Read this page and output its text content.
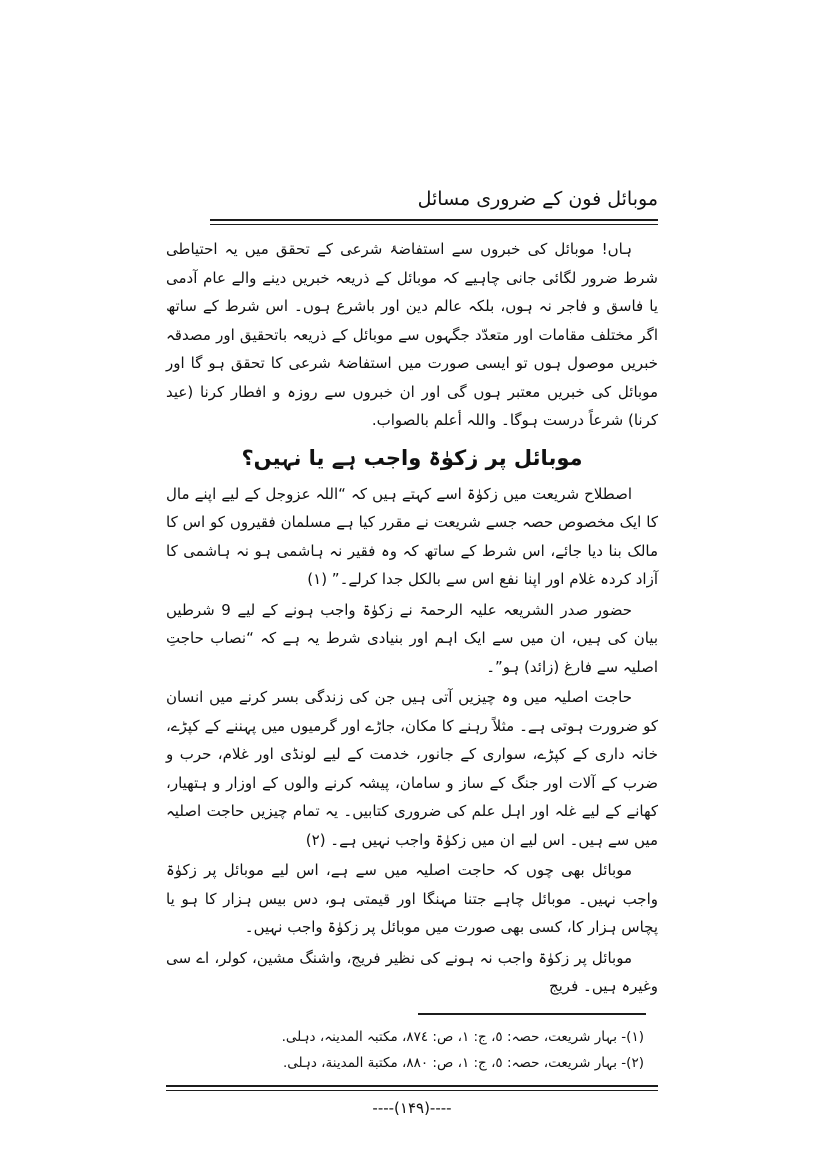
موبائل فون کے ضروری مسائل

ہاں! موبائل کی خبروں سے استفاضۂ شرعی کے تحقق میں یہ احتیاطی شرط ضرور لگائی جانی چاہیے کہ موبائل کے ذریعہ خبریں دینے والے عام آدمی یا فاسق و فاجر نہ ہوں، بلکہ عالم دین اور باشرع ہوں۔ اس شرط کے ساتھ اگر مختلف مقامات اور متعدّد جگہوں سے موبائل کے ذریعہ باتحقیق اور مصدقہ خبریں موصول ہوں تو ایسی صورت میں استفاضۂ شرعی کا تحقق ہو گا اور موبائل کی خبریں معتبر ہوں گی اور ان خبروں سے روزہ و افطار کرنا (عید کرنا) شرعاً درست ہوگا۔ واللہ أعلم بالصواب.

موبائل پر زکوٰۃ واجب ہے یا نہیں؟

اصطلاح شریعت میں زکوٰۃ اسے کہتے ہیں کہ “اللہ عزوجل کے لیے اپنے مال کا ایک مخصوص حصہ جسے شریعت نے مقرر کیا ہے مسلمان فقیروں کو اس کا مالک بنا دیا جائے، اس شرط کے ساتھ کہ وہ فقیر نہ ہاشمی ہو نہ ہاشمی کا آزاد کردہ غلام اور اپنا نفع اس سے بالکل جدا کرلے۔” (۱)

حضور صدر الشریعہ علیہ الرحمۃ نے زکوٰۃ واجب ہونے کے لیے 9 شرطیں بیان کی ہیں، ان میں سے ایک اہم اور بنیادی شرط یہ ہے کہ “نصاب حاجتِ اصلیہ سے فارغ (زائد) ہو”۔

حاجت اصلیہ میں وہ چیزیں آتی ہیں جن کی زندگی بسر کرنے میں انسان کو ضرورت ہوتی ہے۔ مثلاً رہنے کا مکان، جاڑے اور گرمیوں میں پہننے کے کپڑے، خانہ داری کے کپڑے، سواری کے جانور، خدمت کے لیے لونڈی اور غلام، حرب و ضرب کے آلات اور جنگ کے ساز و سامان، پیشہ کرنے والوں کے اوزار و ہتھیار، کھانے کے لیے غلہ اور اہل علم کی ضروری کتابیں۔ یہ تمام چیزیں حاجت اصلیہ میں سے ہیں۔ اس لیے ان میں زکوٰۃ واجب نہیں ہے۔ (۲)

موبائل بھی چوں کہ حاجت اصلیہ میں سے ہے، اس لیے موبائل پر زکوٰۃ واجب نہیں۔ موبائل چاہے جتنا مہنگا اور قیمتی ہو، دس بیس ہزار کا ہو یا پچاس ہزار کا، کسی بھی صورت میں موبائل پر زکوٰۃ واجب نہیں۔

موبائل پر زکوٰۃ واجب نہ ہونے کی نظیر فریج، واشنگ مشین، کولر، اے سی وغیرہ ہیں۔ فریج

(١)- بہار شریعت، حصہ: ٥، ج: ١، ص: ٨٧٤، مکتبہ المدینہ، دہلی.

(٢)- بہار شریعت، حصہ: ٥، ج: ١، ص: ٨٨٠، مکتبة المدینة، دہلی.

----(۱۴۹)----
